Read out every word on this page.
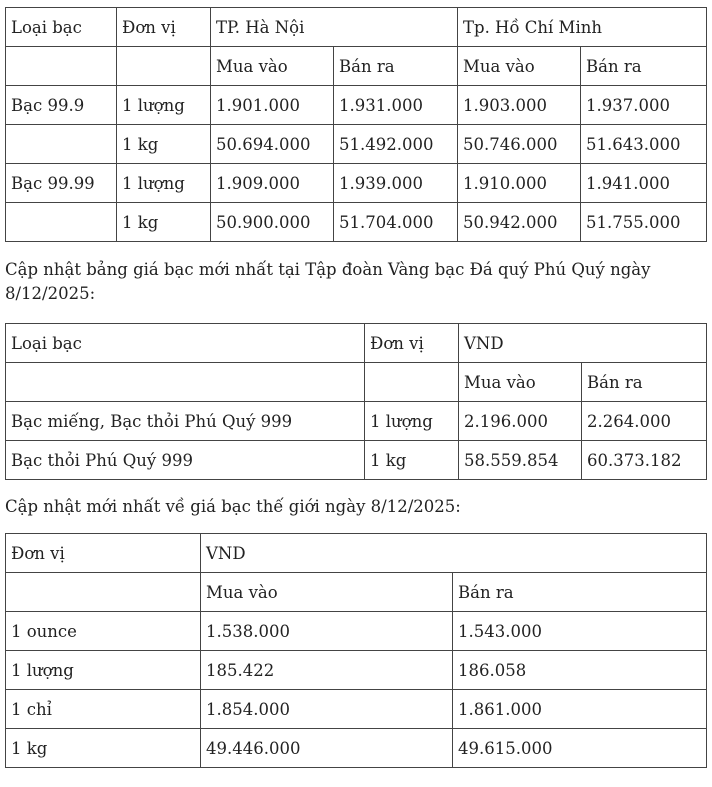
Loại bạc	Đơn vị	TP. Hà Nội		Tp. Hồ Chí Minh	
		Mua vào	Bán ra	Mua vào	Bán ra
Bạc 99.9	1 lượng	1.901.000	1.931.000	1.903.000	1.937.000
	1 kg	50.694.000	51.492.000	50.746.000	51.643.000
Bạc 99.99	1 lượng	1.909.000	1.939.000	1.910.000	1.941.000
	1 kg	50.900.000	51.704.000	50.942.000	51.755.000

Cập nhật bảng giá bạc mới nhất tại Tập đoàn Vàng bạc Đá quý Phú Quý ngày 8/12/2025:

Loại bạc	Đơn vị	VND	
		Mua vào	Bán ra
Bạc miếng, Bạc thỏi Phú Quý 999	1 lượng	2.196.000	2.264.000
Bạc thỏi Phú Quý 999	1 kg	58.559.854	60.373.182

Cập nhật mới nhất về giá bạc thế giới ngày 8/12/2025:

Đơn vị	VND	
	Mua vào	Bán ra
1 ounce	1.538.000	1.543.000
1 lượng	185.422	186.058
1 chỉ	1.854.000	1.861.000
1 kg	49.446.000	49.615.000
